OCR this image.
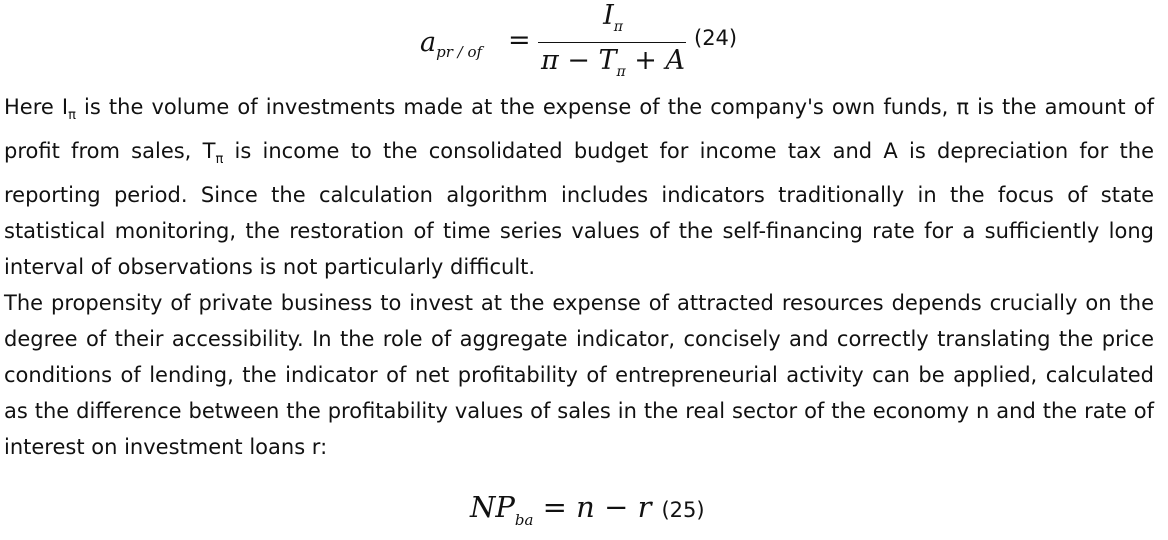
$a_{pr / of}$ =
$I_\pi$
$\pi - T_\pi + A$
(24)

Here $I_\pi$ is the volume of investments made at the expense of the company's own funds, π is the amount of profit from sales, $T_\pi$ is income to the consolidated budget for income tax and A is depreciation for the reporting period. Since the calculation algorithm includes indicators traditionally in the focus of state statistical monitoring, the restoration of time series values of the self-financing rate for a sufficiently long interval of observations is not particularly difficult.

The propensity of private business to invest at the expense of attracted resources depends crucially on the degree of their accessibility. In the role of aggregate indicator, concisely and correctly translating the price conditions of lending, the indicator of net profitability of entrepreneurial activity can be applied, calculated as the difference between the profitability values of sales in the real sector of the economy n and the rate of interest on investment loans r:

$NP_{ba} = n - r$ (25)
